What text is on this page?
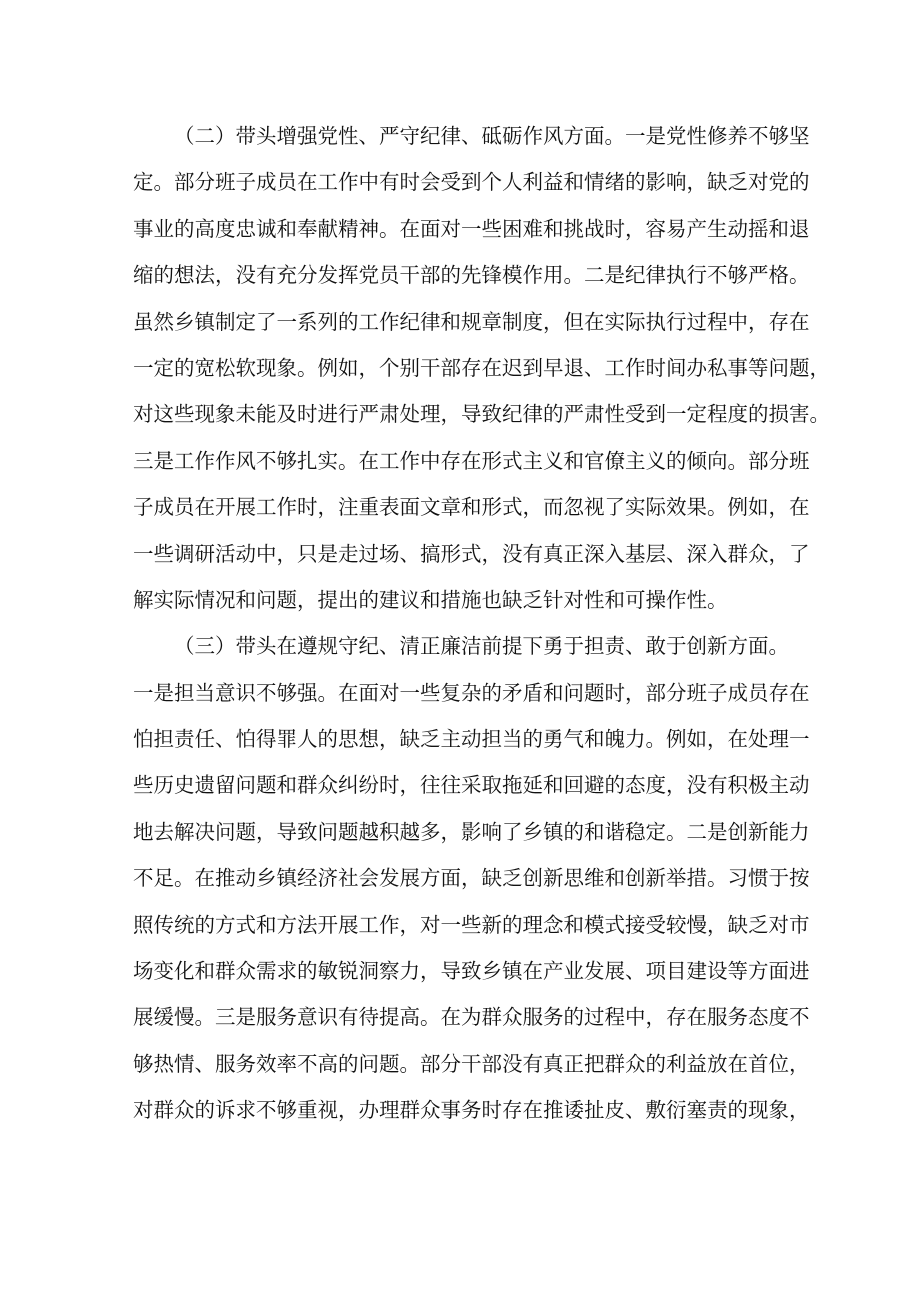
（二）带头增强党性、严守纪律、砥砺作风方面。一是党性修养不够坚
定。部分班子成员在工作中有时会受到个人利益和情绪的影响，缺乏对党的
事业的高度忠诚和奉献精神。在面对一些困难和挑战时，容易产生动摇和退
缩的想法，没有充分发挥党员干部的先锋模作用。二是纪律执行不够严格。
虽然乡镇制定了一系列的工作纪律和规章制度，但在实际执行过程中，存在
一定的宽松软现象。例如，个别干部存在迟到早退、工作时间办私事等问题，
对这些现象未能及时进行严肃处理，导致纪律的严肃性受到一定程度的损害。
三是工作作风不够扎实。在工作中存在形式主义和官僚主义的倾向。部分班
子成员在开展工作时，注重表面文章和形式，而忽视了实际效果。例如，在
一些调研活动中，只是走过场、搞形式，没有真正深入基层、深入群众，了
解实际情况和问题，提出的建议和措施也缺乏针对性和可操作性。
（三）带头在遵规守纪、清正廉洁前提下勇于担责、敢于创新方面。
一是担当意识不够强。在面对一些复杂的矛盾和问题时，部分班子成员存在
怕担责任、怕得罪人的思想，缺乏主动担当的勇气和魄力。例如，在处理一
些历史遗留问题和群众纠纷时，往往采取拖延和回避的态度，没有积极主动
地去解决问题，导致问题越积越多，影响了乡镇的和谐稳定。二是创新能力
不足。在推动乡镇经济社会发展方面，缺乏创新思维和创新举措。习惯于按
照传统的方式和方法开展工作，对一些新的理念和模式接受较慢，缺乏对市
场变化和群众需求的敏锐洞察力，导致乡镇在产业发展、项目建设等方面进
展缓慢。三是服务意识有待提高。在为群众服务的过程中，存在服务态度不
够热情、服务效率不高的问题。部分干部没有真正把群众的利益放在首位，
对群众的诉求不够重视，办理群众事务时存在推诿扯皮、敷衍塞责的现象，
